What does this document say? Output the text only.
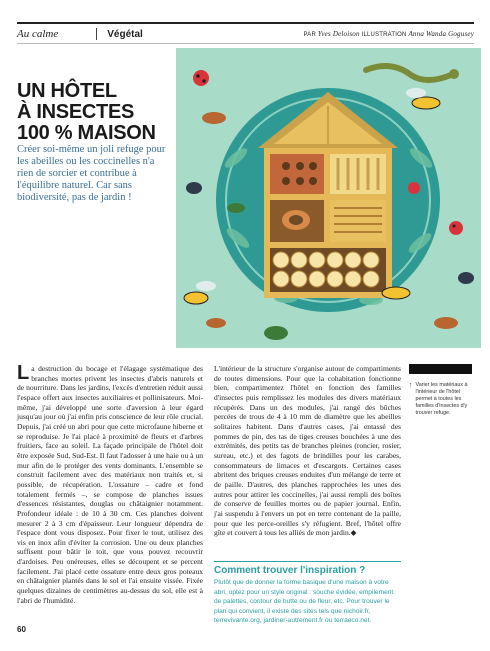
Au calme	Végétal	PAR Yves Deloison ILLUSTRATION Anna Wanda Gogusey
UN HÔTEL
À INSECTES
100 % MAISON

Créer soi-même un joli refuge pour les abeilles ou les coccinelles n'a rien de sorcier et contribue à l'équilibre naturel. Car sans biodiversité, pas de jardin !

La destruction du bocage et l'élagage systématique des branches mortes privent les insectes d'abris naturels et de nourriture. Dans les jardins, l'excès d'entretien réduit aussi l'espace offert aux insectes auxiliaires et pollinisateurs. Moi-même, j'ai développé une sorte d'aversion à leur égard jusqu'au jour où j'ai enfin pris conscience de leur rôle crucial. Depuis, j'ai créé un abri pour que cette microfaune hiberne et se reproduise. Je l'ai placé à proximité de fleurs et d'arbres fruitiers, face au soleil. La façade principale de l'hôtel doit être exposée Sud, Sud-Est. Il faut l'adosser à une haie ou à un mur afin de le protéger des vents dominants. L'ensemble se construit facilement avec des matériaux non traités et, si possible, de récupération. L'ossature – cadre et fond totalement fermés –, se compose de planches issues d'essences résistantes, douglas ou châtaignier notamment. Profondeur idéale : de 10 à 30 cm. Ces planches doivent mesurer 2 à 3 cm d'épaisseur. Leur longueur dépendra de l'espace dont vous disposez. Pour fixer le tout, utilisez des vis en inox afin d'éviter la corrosion. Une ou deux planches suffisent pour bâtir le toit, que vous pouvez recouvrir d'ardoises. Peu onéreuses, elles se découpent et se percent facilement. J'ai placé cette ossature entre deux gros poteaux en châtaignier plantés dans le sol et l'ai ensuite vissée. Fixée quelques dizaines de centimètres au-dessus du sol, elle est à l'abri de l'humidité.
L'intérieur de la structure s'organise autour de compartiments de toutes dimensions. Pour que la cohabitation fonctionne bien, compartimentez l'hôtel en fonction des familles d'insectes puis remplissez les modules des divers matériaux récupérés. Dans un des modules, j'ai rangé des bûches percées de trous de 4 à 10 mm de diamètre que les abeilles solitaires habitent. Dans d'autres cases, j'ai entassé des pommes de pin, des tas de tiges creuses bouchées à une des extrémités, des petits tas de branches pleines (roncier, rosier, sureau, etc.) et des fagots de brindilles pour les carabes, consommateurs de limaces et d'escargots. Certaines cases abritent des briques creuses enduites d'un mélange de terre et de paille. D'autres, des planches rapprochées les unes des autres pour attirer les coccinelles, j'ai aussi rempli des boîtes de conserve de feuilles mortes ou de papier journal. Enfin, j'ai suspendu à l'envers un pot en terre contenant de la paille, pour que les perce-oreilles s'y réfugient. Bref, l'hôtel offre gîte et couvert à tous les alliés de mon jardin.◆
Comment trouver l'inspiration ?
Plutôt que de donner la forme basique d'une maison à votre abri, optez pour un style original : souche évidée, empilement de palettes, contour de butte ou de fleur, etc. Pour trouver le plan qui convient, il existe des sites tels que nichoir.fr, terrevivante.org, jardiner-autrement.fr ou terraeco.net.
↑ Varier les matériaux à l'intérieur de l'hôtel permet à toutes les familles d'insectes d'y trouver refuge.
60
